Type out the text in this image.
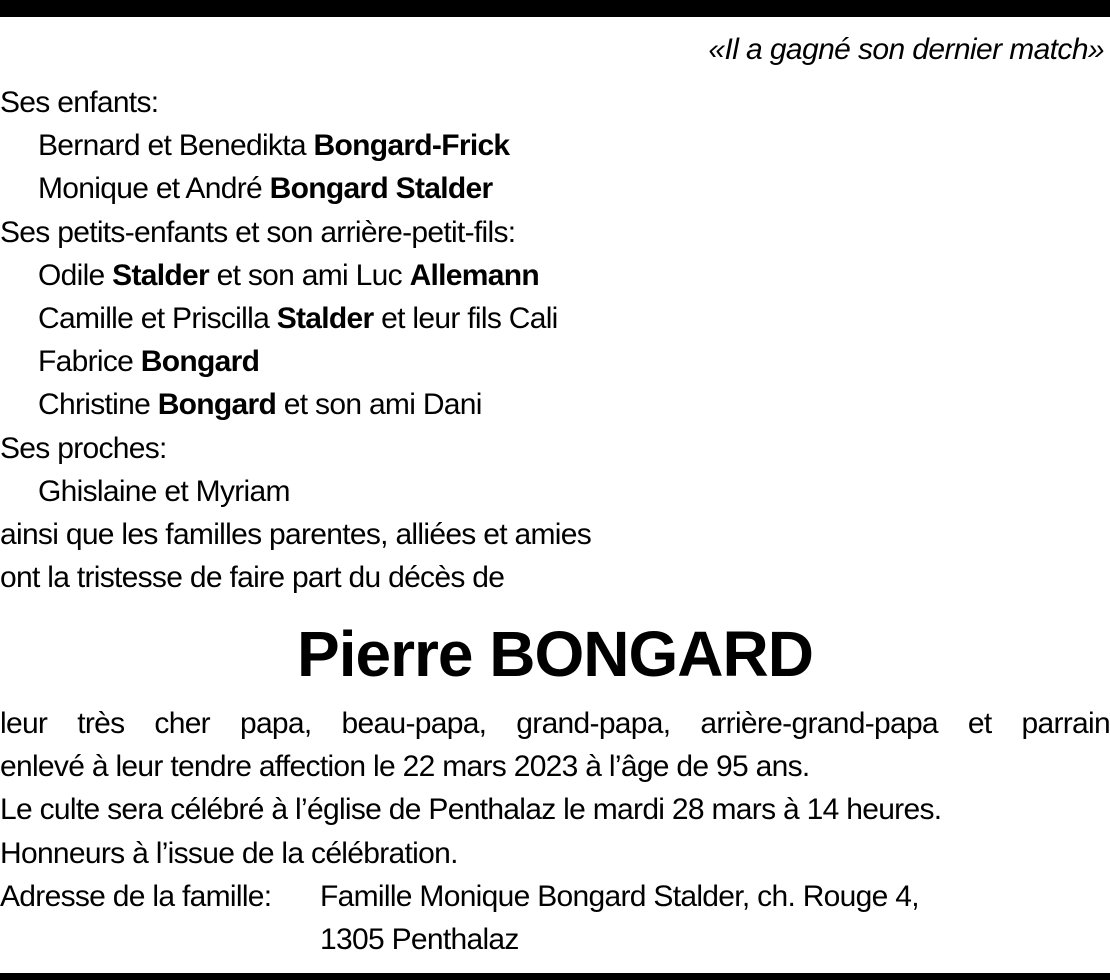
«Il a gagné son dernier match»
Ses enfants:
Bernard et Benedikta Bongard-Frick
Monique et André Bongard Stalder
Ses petits-enfants et son arrière-petit-fils:
Odile Stalder et son ami Luc Allemann
Camille et Priscilla Stalder et leur fils Cali
Fabrice Bongard
Christine Bongard et son ami Dani
Ses proches:
Ghislaine et Myriam
ainsi que les familles parentes, alliées et amies
ont la tristesse de faire part du décès de
Pierre BONGARD
leur très cher papa, beau-papa, grand-papa, arrière-grand-papa et parrain
enlevé à leur tendre affection le 22 mars 2023 à l’âge de 95 ans.
Le culte sera célébré à l’église de Penthalaz le mardi 28 mars à 14 heures.
Honneurs à l’issue de la célébration.
Adresse de la famille:	Famille Monique Bongard Stalder, ch. Rouge 4,
1305 Penthalaz
